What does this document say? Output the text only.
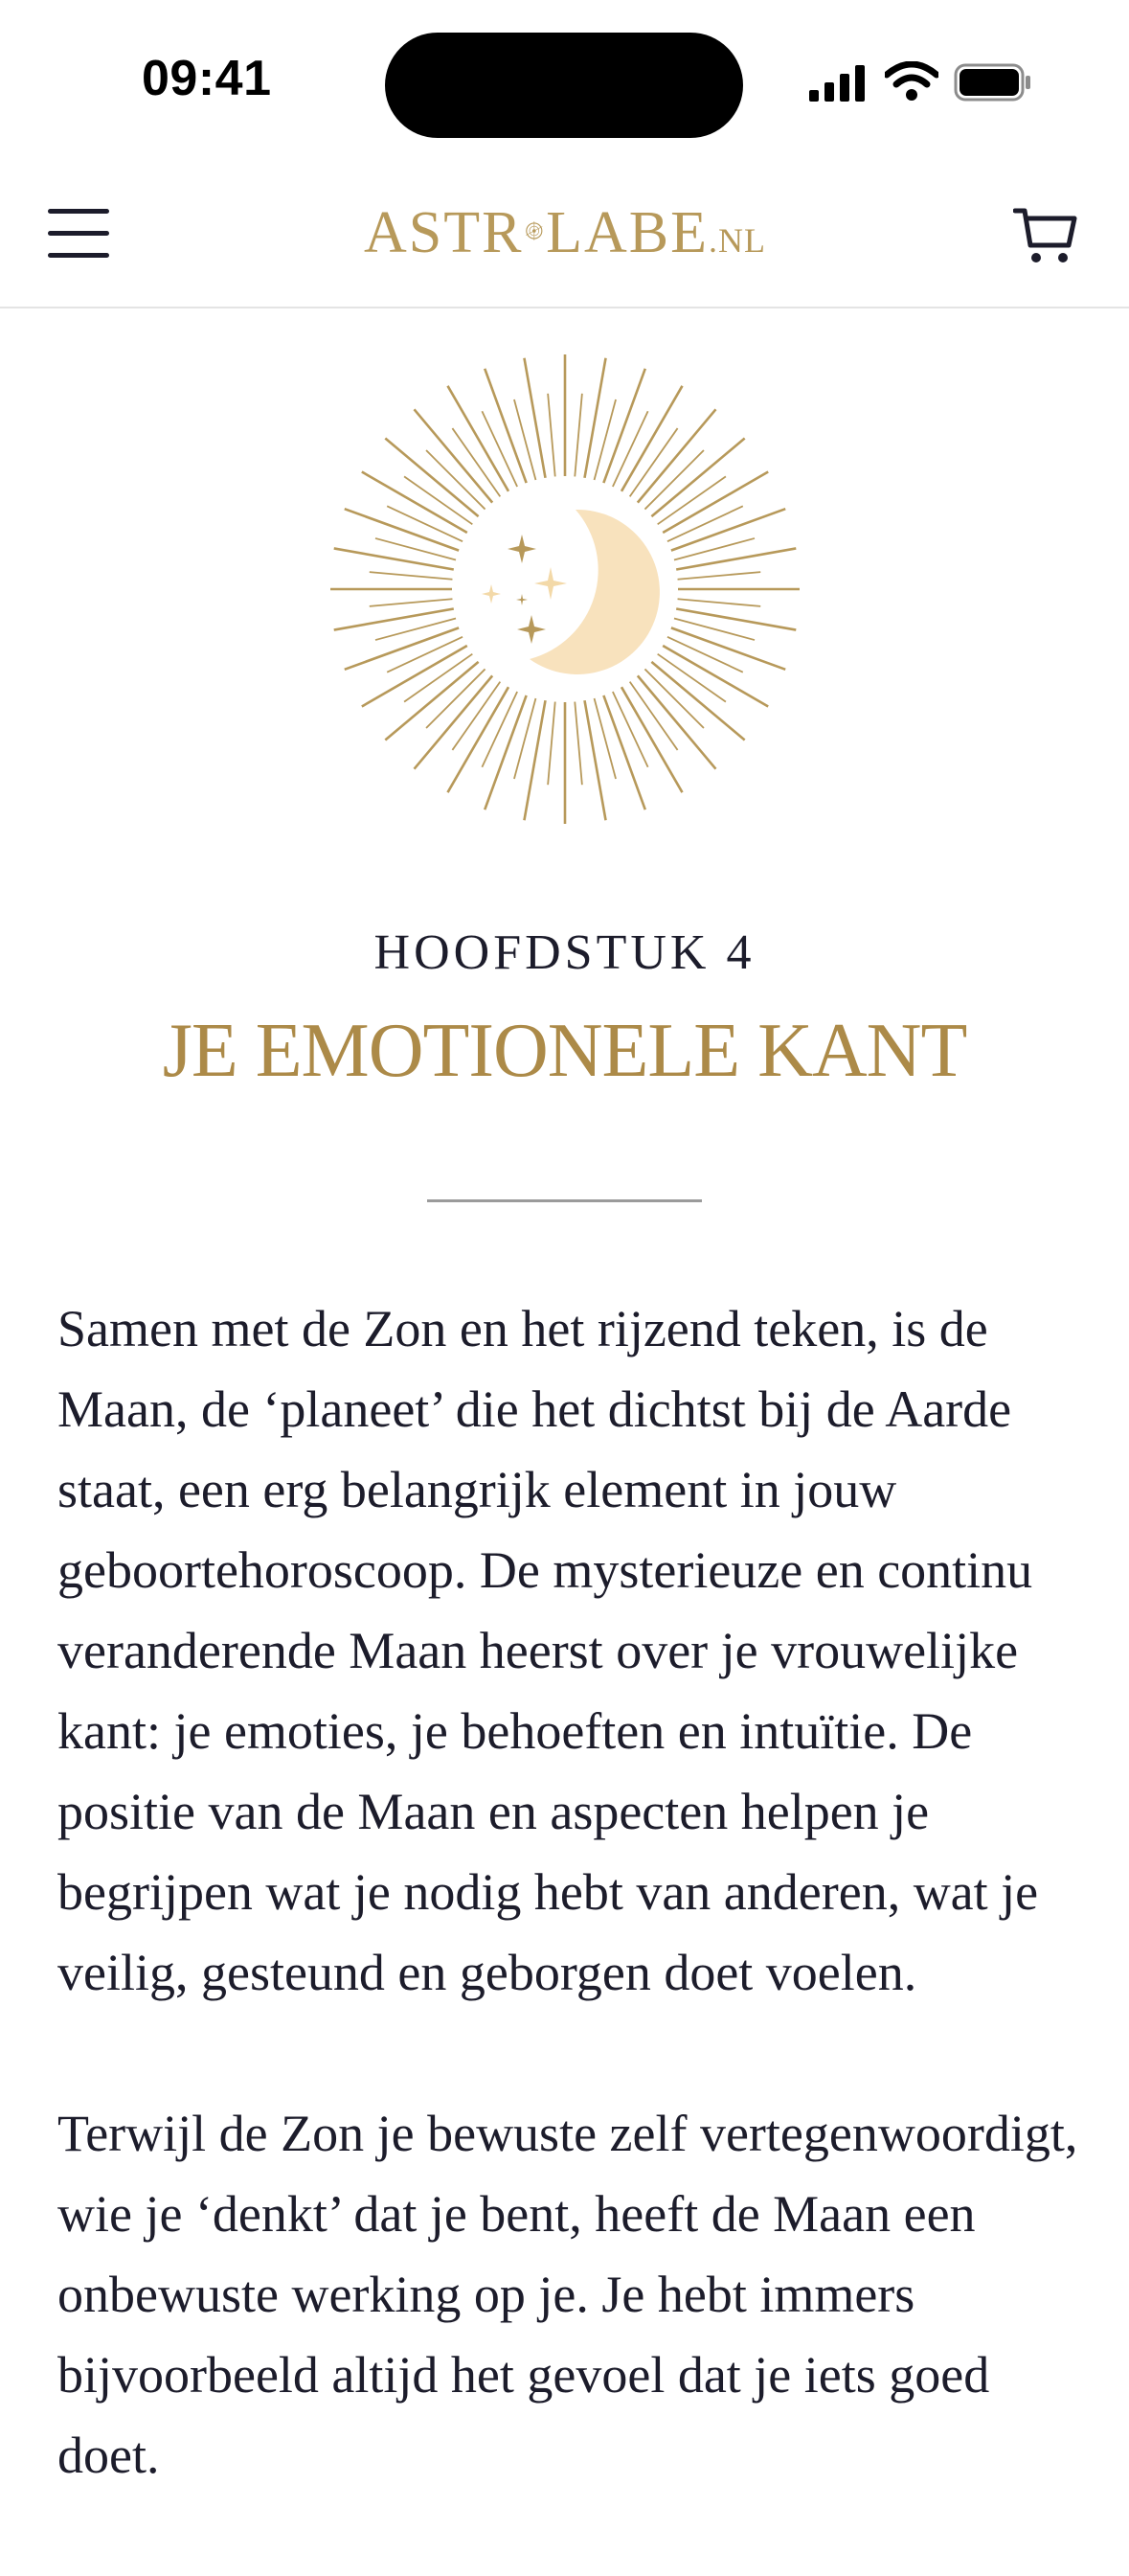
09:41
ASTR LABE .NL
HOOFDSTUK 4
JE EMOTIONELE KANT

Samen met de Zon en het rijzend teken, is de Maan, de ‘planeet’ die het dichtst bij de Aarde staat, een erg belangrijk element in jouw geboortehoroscoop. De mysterieuze en continu veranderende Maan heerst over je vrouwelijke kant: je emoties, je behoeften en intuïtie. De positie van de Maan en aspecten helpen je begrijpen wat je nodig hebt van anderen, wat je veilig, gesteund en geborgen doet voelen.

Terwijl de Zon je bewuste zelf vertegenwoordigt, wie je ‘denkt’ dat je bent, heeft de Maan een onbewuste werking op je. Je hebt immers bijvoorbeeld altijd het gevoel dat je iets goed doet.
